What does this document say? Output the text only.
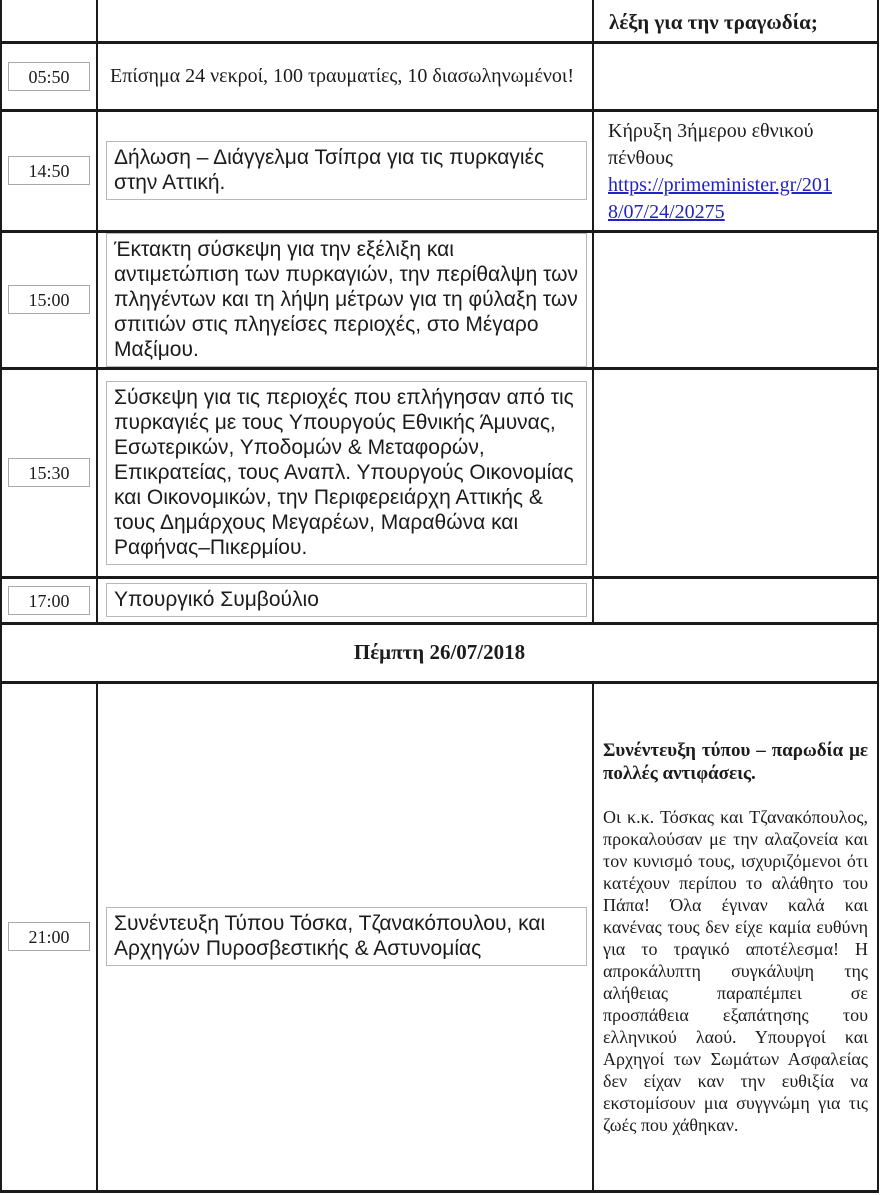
		λέξη για την τραγωδία;

05:50	Επίσημα 24 νεκροί, 100 τραυματίες, 10 διασωληνωμένοι!	

14:50	Δήλωση – Διάγγελμα Τσίπρα για τις πυρκαγιές στην Αττική.	Κήρυξη 3ήμερου εθνικού πένθους
https://primeminister.gr/201
8/07/24/20275

15:00	Έκτακτη σύσκεψη για την εξέλιξη και αντιμετώπιση των πυρκαγιών, την περίθαλψη των πληγέντων και τη λήψη μέτρων για τη φύλαξη των σπιτιών στις πληγείσες περιοχές, στο Μέγαρο Μαξίμου.	

15:30	Σύσκεψη για τις περιοχές που επλήγησαν από τις πυρκαγιές με τους Υπουργούς Εθνικής Άμυνας, Εσωτερικών, Υποδομών & Μεταφορών, Επικρατείας, τους Αναπλ. Υπουργούς Οικονομίας και Οικονομικών, την Περιφερειάρχη Αττικής & τους Δημάρχους Μεγαρέων, Μαραθώνα και Ραφήνας–Πικερμίου.	

17:00	Υπουργικό Συμβούλιο	

Πέμπτη 26/07/2018		

21:00	Συνέντευξη Τύπου Τόσκα, Τζανακόπουλου, και Αρχηγών Πυροσβεστικής & Αστυνομίας	Συνέντευξη τύπου – παρωδία με πολλές αντιφάσεις.

Οι κ.κ. Τόσκας και Τζανακόπουλος, προκαλούσαν με την αλαζονεία και τον κυνισμό τους, ισχυριζόμενοι ότι κατέχουν περίπου το αλάθητο του Πάπα! Όλα έγιναν καλά και κανένας τους δεν είχε καμία ευθύνη για το τραγικό αποτέλεσμα! Η απροκάλυπτη συγκάλυψη της αλήθειας παραπέμπει σε προσπάθεια εξαπάτησης του ελληνικού λαού. Υπουργοί και Αρχηγοί των Σωμάτων Ασφαλείας δεν είχαν καν την ευθιξία να εκστομίσουν μια συγγνώμη για τις ζωές που χάθηκαν.
